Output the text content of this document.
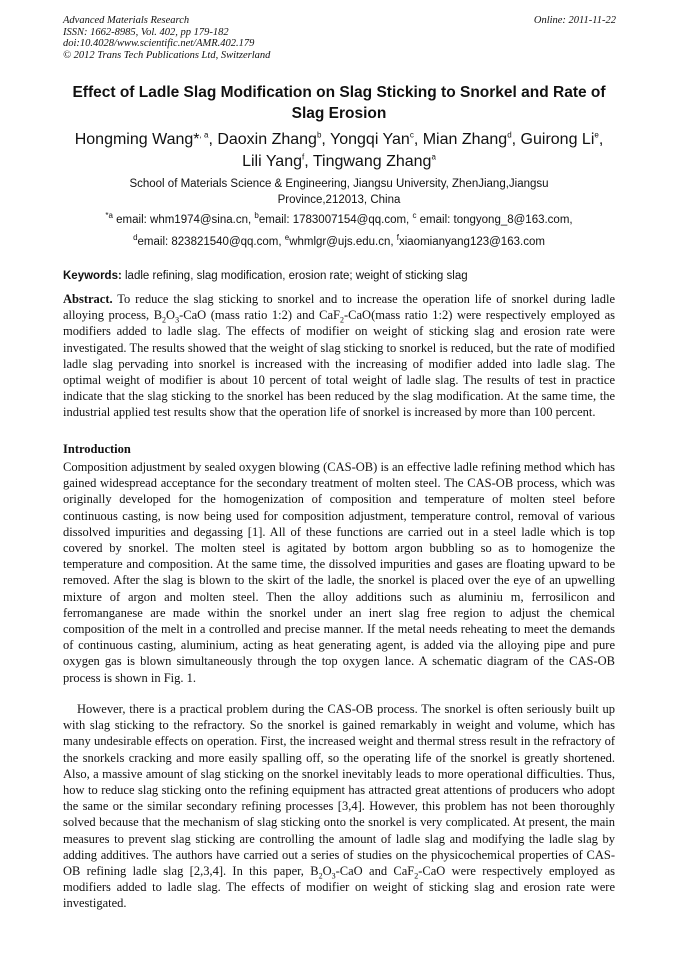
Advanced Materials Research
ISSN: 1662-8985, Vol. 402, pp 179-182
doi:10.4028/www.scientific.net/AMR.402.179
© 2012 Trans Tech Publications Ltd, Switzerland
Online: 2011-11-22
Effect of Ladle Slag Modification on Slag Sticking to Snorkel and Rate of
Slag Erosion
Hongming Wang*$^{, a}$, Daoxin Zhang$^b$, Yongqi Yan$^c$, Mian Zhang$^d$, Guirong Li$^e$,
Lili Yang$^f$, Tingwang Zhang$^a$
School of Materials Science & Engineering, Jiangsu University, ZhenJiang,Jiangsu
Province,212013, China
$^{*a}$ email: whm1974@sina.cn, $^b$email: 1783007154@qq.com, $^c$ email: tongyong_8@163.com,
$^d$email: 823821540@qq.com, $^e$whmlgr@ujs.edu.cn, $^f$xiaomianyang123@163.com
Keywords: ladle refining, slag modification, erosion rate; weight of sticking slag
Abstract. To reduce the slag sticking to snorkel and to increase the operation life of snorkel during ladle alloying process, $B_2O_3$-CaO (mass ratio 1:2) and CaF$_2$-CaO(mass ratio 1:2) were respectively employed as modifiers added to ladle slag. The effects of modifier on weight of sticking slag and erosion rate were investigated. The results showed that the weight of slag sticking to snorkel is reduced, but the rate of modified ladle slag pervading into snorkel is increased with the increasing of modifier added into ladle slag. The optimal weight of modifier is about 10 percent of total weight of ladle slag. The results of test in practice indicate that the slag sticking to the snorkel has been reduced by the slag modification. At the same time, the industrial applied test results show that the operation life of snorkel is increased by more than 100 percent.
Introduction
Composition adjustment by sealed oxygen blowing (CAS-OB) is an effective ladle refining method which has gained widespread acceptance for the secondary treatment of molten steel. The CAS-OB process, which was originally developed for the homogenization of composition and temperature of molten steel before continuous casting, is now being used for composition adjustment, temperature control, removal of various dissolved impurities and degassing [1]. All of these functions are carried out in a steel ladle which is top covered by snorkel. The molten steel is agitated by bottom argon bubbling so as to homogenize the temperature and composition. At the same time, the dissolved impurities and gases are floating upward to be removed. After the slag is blown to the skirt of the ladle, the snorkel is placed over the eye of an upwelling mixture of argon and molten steel. Then the alloy additions such as aluminiu m, ferrosilicon and ferromanganese are made within the snorkel under an inert slag free region to adjust the chemical composition of the melt in a controlled and precise manner. If the metal needs reheating to meet the demands of continuous casting, aluminium, acting as heat generating agent, is added via the alloying pipe and pure oxygen gas is blown simultaneously through the top oxygen lance. A schematic diagram of the CAS-OB process is shown in Fig. 1.
However, there is a practical problem during the CAS-OB process. The snorkel is often seriously built up with slag sticking to the refractory. So the snorkel is gained remarkably in weight and volume, which has many undesirable effects on operation. First, the increased weight and thermal stress result in the refractory of the snorkels cracking and more easily spalling off, so the operating life of the snorkel is greatly shortened. Also, a massive amount of slag sticking on the snorkel inevitably leads to more operational difficulties. Thus, how to reduce slag sticking onto the refining equipment has attracted great attentions of producers who adopt the same or the similar secondary refining processes [3,4]. However, this problem has not been thoroughly solved because that the mechanism of slag sticking onto the snorkel is very complicated. At present, the main measures to prevent slag sticking are controlling the amount of ladle slag and modifying the ladle slag by adding additives. The authors have carried out a series of studies on the physicochemical properties of CAS-OB refining ladle slag [2,3,4]. In this paper, $B_2O_3$-CaO and CaF$_2$-CaO were respectively employed as modifiers added to ladle slag. The effects of modifier on weight of sticking slag and erosion rate were investigated.
